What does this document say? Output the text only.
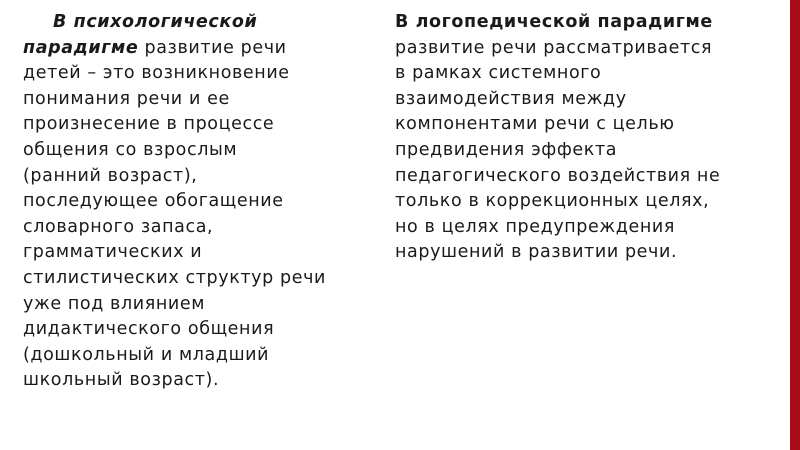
В психологической
парадигме развитие речи
детей – это возникновение
понимания речи и ее
произнесение в процессе
общения со взрослым
(ранний возраст),
последующее обогащение
словарного запаса,
грамматических и
стилистических структур речи
уже под влиянием
дидактического общения
(дошкольный и младший
школьный возраст).
В логопедической парадигме
развитие речи рассматривается
в рамках системного
взаимодействия между
компонентами речи с целью
предвидения эффекта
педагогического воздействия не
только в коррекционных целях,
но в целях предупреждения
нарушений в развитии речи.
